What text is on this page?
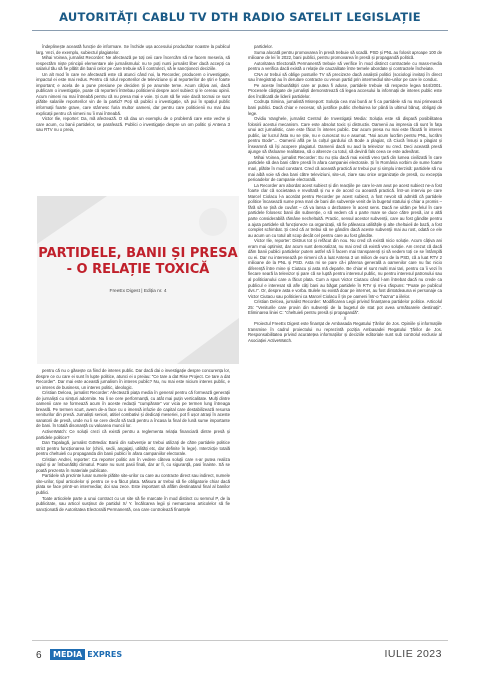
AUTORITĂȚI CABLU TV DTH RADIO SATELIT LEGISLAȚIE

îndeplinește această funcție de informare. Se închide ușa accesului producător noastre la publicul larg. Vezi, de exemplu, subiectul plagiatelor.

Mihai Voinea, jurnalist Recorder: Ne afectează pe toți ceii care încercăm să ne facem meseria, să respectăm niște principii elementare ale jurnalismului: nu te poți numi jurnalist liber dacă accepți ca salariul tău să fie plătit din banii celor pe care trebuie să îi controlezi, să le sancționezi deciziile.

Un alt mod în care ne afectează este că atunci când noi, la Recorder, producem o investigație, impactul ei este mai redus. Pentru că rolul reporterilor de televiziune și al reporterilor de știri e foarte important; e acela de a pune presiune pe deciden ții pe anumite teme. Acum câțiva ani, dacă publicam o investigație, poate că reporterii întrebau politicienii despre acel subiect și le cereau opinii. Acum nimeni nu mai întreabă pentru că nu presa mai e voie. Și cum să fie voie dacă tocmai ce sunt plătite salariile reporterilor vin de la partid? Poți să publici o investigație, să pui în spațiul public informații foarte grave, care stârnesc furia multor oameni, dar pentru care politicienii nu mai dau explicații pentru că nimeni nu îi mai întreabă.

Victor Ilie, reporter: Da, mă afectează. O să dau un exemplu de o problemă care este veche și care acum, cu banii partidelor, se parafează. Publici o investigație despre un om politic și Antena 3 sau RTV nu o preia,

PARTIDELE, BANII ȘI PRESA
- O RELAȚIE TOXICĂ
FreeEx Digest | Ediția nr. 4

pentru că nu o găsește ca fiind de interes public. Dar dacă dai o investigație despre concurența lor, despre ce cu care ei sunt în lupte politice, atunci ei o preiau: "Ce tare a dat Rise Project. Ce tare a dat Recorder". Dar mai este această jurnalism în interes public? Nu, nu mai este nicium interes public, e un interes de business, un interes politic, ideologic.

Cristian Delcea, jurnalist Recorder: Afectează piața media în general pentru că formează generații de jurnaliști cu simțuri adormite. Nu li se cere performanță, cu atât mai puțin verticalitate. Mulți dintre oamenii care se formează acum în aceste redacții "cumpărate" vor vicia pe termen lung întreaga breaslă. Pe termen scurt, avem de-a face cu o imensă infuzie de capital care destabilizează resursa veniturilor din presă. Jurnaliști seniori, atitiel combativi și dedicați meseriei, pot fi ușor atrași în aceste sanatorii de presă, unde nu li se cere decât să tacă pentru a încasa la final de lună sume importante de bani. În totală disonanță cu valoarea muncii lor.

ActiveWatch: Ce soluții crezi că există pentru a reglementa relația financiară dintre presă și partidele politice?

Dan Tapalagă, jurnalist G4Media: Banii din subvenție ar trebui utilizați de către partidele politice strict pentru funcționarea lor (chirii, sedii, angajați, utilități etc, dar definite în lege). Interzicție totală pentru cheltuieli cu propaganda din banii publici în afara campaniilor electorale.

Cristian Andrei, reporter: Ca reporter politic am în vedere câteva soluții care s-ar putea realiza rapid și ar îmbunătăți climatul. Poate nu sunt pasii finali, dar ar fi, cu siguranță, pasi înainte. Să se poată prezenta în materiale publicate.

Partidele să prezinte lunar sumele plătite site-urilor cu care au contracte direct sau indirect, numele site-urilor, tipul articolelor și pentru ce s-a făcut plata. Măsura ar trebui să fie obligatorie chiar dacă plata se face printr-un intermediar, doi sau zece. Este important să aflăm destinatarul final al banilor publici.

Toate articolele parte a unui contract cu un site să fie marcate în mod distinct cu semnul P, de la publicitate, sau articol susținut de partidul X/ Y. Încălcarea legii și nemarcarea articolelor să fie sancționată de Autoritatea Electorală Permanentă, cea care controlează finanțele

partidelor.

Suma alocată pentru promovarea în presă trebuie să scadă. PSD și PNL au folosit aproape 100 de milioane de lei în 2022, bani publici, pentru promovarea în presă și propagandă politică.

Autoritatea Electorală Permanentă trebuie să verifice în mod distinct contractele cu mass-media pentru a verifica dacă există o relație de cauzalitate între temele abordate și contractele încheiate.

CNA ar trebui să oblige posturile TV să precizeze dacă analiștii politici (sociologi invitați în direct sau înregistrați au în derulare contracte cu vreun partid prin intermediul site-urilor pe care le conduc.

Pe aceste îmbunătățiri care ar putea fi aduse, partidele trebuie să respecte legea 544/2001. Procesele câștigate de jurnaliști demonstrează că legea accesului la informații de interes public este des încălcată de liderii partidelor.

Codruța Simina, jurnalistă Misreport: Soluția cea mai bună ar fi ca partidele să nu mai primească bani publici. Dacă chiar e necesar, să justifice public cheltuirea lor până la ultimul bănuț, obligați de lege.

Ovidiu Vanghele, jurnalist Centrul de Investigații Media: Soluția este să dispară posibilitatea folosirii acestui mecanism. Care este absolut toxic și distructiv. Oamenii au impresia că sunt în fața unui act jurnalistic, care este făcut în interes public. Dar acum presa nu mai este făcută în interes public, iar lucrul ăsta nu se știe, nu e cunoscut nu e asumat. "Noi acum lucrăm pentru PNL, lucrăm pentru Bode"... Oamenii află pe la colțul gardului că Bode a plagiat, că Ciucă însuși a plagiat și înseamnă să își acopere plagiatul. Oamenii dacă nu aud la televizor nu cred. Deci această presă ajunge să răsloame realitatea, să o altereze cu totul, să devină fals ceea ce este adevărat.

Mihai Voinea, jurnalist Recorder: Eu nu știu dacă mai există vreo țară din lumea civilizată în care partidele să dea bani către presă în afara campaniei electorale. Și în România vorbim de sume foarte mari, plătite în mod constant. Cred că această practică ar trebui pur și simplu interzisă: partidele să nu mai aibă voie să dea bani către televiziuni, site-uri, ziare sau orice organizație de presă, cu excepția perioadelor de campanie electorală.

La Recorder am abordat acest subiect și din reacțiile pe care le-am avut pe acest subiect ne-a fost foarte clar că societatea e revoltată și nu e de acord cu această practică. Într-un interviu pe care Marcel Ciolacu l-a acordat pentru Recorder pe acest subiect, a fost nevoit să admită că partidele politice încasează sume prea mari de bani din subvenție venit de la bugetul statului și chiar a promis – fără să se țină de cuvânt – că va lansa o dezbatere în acest sens. Dacă ne uităm pe felul în care partidele folosesc banii din subvenție, o să vedem că o parte mare se duce către presă, iar o altă parte considerabilă rămâne necheltuită. Practic, sensul acestor subvenții, care au fost gândite pentru a ajuta partidele să funcționeze ca organizații, să fie păleasca utilitățile și alte cheltuieli de bază, a fost complet schimbat. Și cred că ar trebui să ne gândim dacă aceste subvenții mai au rost, odată ce ele au acum un cu totul alt scop decât cel pentru care au fost gândite.

Victor Ilie, reporter: Distrus tot și refăcut din nou. Nu cred că există nicio soluție. Acum câțiva ani eram mai optimist, dar acum sunt demoralizat, nu mai cred că există vreo soluție. Am crezut că dacă dăm banii publici partidelor putem astfel să îi facem mai transparenți și să vedem toți ce se întâmplă cu ei. Dar nu interesează pe nimeni că a luat Antena 3 un milion de euro de la PSD, că a luat RTV 2 milioane de la PNL și PSD. Asta mi se pare că-i păreroa generală a oamenilor care nu fac nicio diferență între mine și Ciutacu și asta mă deparle. Be chiar el sunt multi mai tari, pentru ca îi vezi în fiecare seară la televizor și pare că se luptă pentru interesul public, nu pentru interesul patronului sau al politicianului care a făcut plata. Cum a spus Victor Ciutacu când l-am întrebat dacă nu crede ca publicul e interesat să afle câți bani au băgat partidele în RTV și mi-a răspuns: "Poate pe publicul dvs.!". Or, despre asta e vorba. Bulele nu există doar pe internet, au fost dintotdeauna ei personaje ca Victor Ciutacu sau politicieni ca Marcel Ciolacu îi țin pe oameni într-o "hazna" a iilelor.

Cristian Delcea, jurnalist Recorder: Modificarea Legii privind finanțarea partidelor politice. Articolul 25: "Veniturile care provin din subvenții de la bugetul de stat pot avea următoarele destinații". Eliminarea liniei C: "cheltuieli pentru presă și propagandă".

//

Proiectul FreeEx Digest este finanțat de Ambasada Regatului Țărilor de Jos. Opiniile și informațiile transmise în cadrul proiectului nu reprezintă poziția Ambasadei Regatului Țărilor de Jos. Responsabilitatea privind acuratețea informațiilor și deciziile editoriale sunt sub controlul exclusiv al Asociației ActiveWatch.

6	MEDIA EXPRES	IULIE 2023
